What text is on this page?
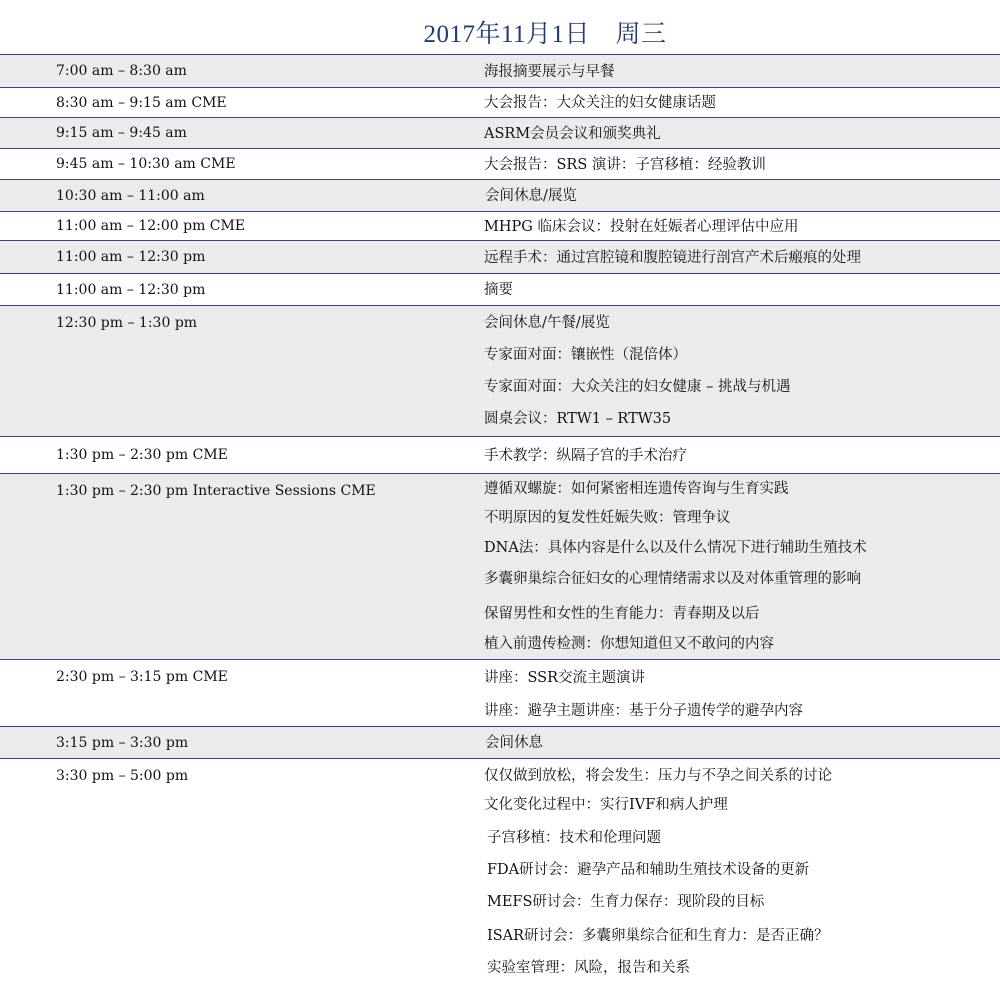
2017年11月1日　周三
7:00 am – 8:30 am	海报摘要展示与早餐
8:30 am – 9:15 am CME	大会报告：大众关注的妇女健康话题
9:15 am – 9:45 am	ASRM会员会议和颁奖典礼
9:45 am – 10:30 am CME	大会报告：SRS 演讲：子宫移植：经验教训
10:30 am – 11:00 am	会间休息/展览
11:00 am – 12:00 pm CME	MHPG 临床会议：投射在妊娠者心理评估中应用
11:00 am – 12:30 pm	远程手术：通过宫腔镜和腹腔镜进行剖宫产术后瘢痕的处理
11:00 am – 12:30 pm	摘要
12:30 pm – 1:30 pm	会间休息/午餐/展览
专家面对面：镶嵌性（混倍体）
专家面对面：大众关注的妇女健康 – 挑战与机遇
圆桌会议：RTW1 – RTW35
1:30 pm – 2:30 pm CME	手术教学：纵隔子宫的手术治疗
1:30 pm – 2:30 pm Interactive Sessions CME	遵循双螺旋：如何紧密相连遗传咨询与生育实践
不明原因的复发性妊娠失败：管理争议
DNA法：具体内容是什么以及什么情况下进行辅助生殖技术
多囊卵巢综合征妇女的心理情绪需求以及对体重管理的影响
保留男性和女性的生育能力：青春期及以后
植入前遗传检测：你想知道但又不敢问的内容
2:30 pm – 3:15 pm CME	讲座：SSR交流主题演讲
讲座：避孕主题讲座：基于分子遗传学的避孕内容
3:15 pm – 3:30 pm	会间休息
3:30 pm – 5:00 pm	仅仅做到放松，将会发生：压力与不孕之间关系的讨论
文化变化过程中：实行IVF和病人护理
子宫移植：技术和伦理问题
FDA研讨会：避孕产品和辅助生殖技术设备的更新
MEFS研讨会：生育力保存：现阶段的目标
ISAR研讨会：多囊卵巢综合征和生育力：是否正确？
实验室管理：风险，报告和关系
